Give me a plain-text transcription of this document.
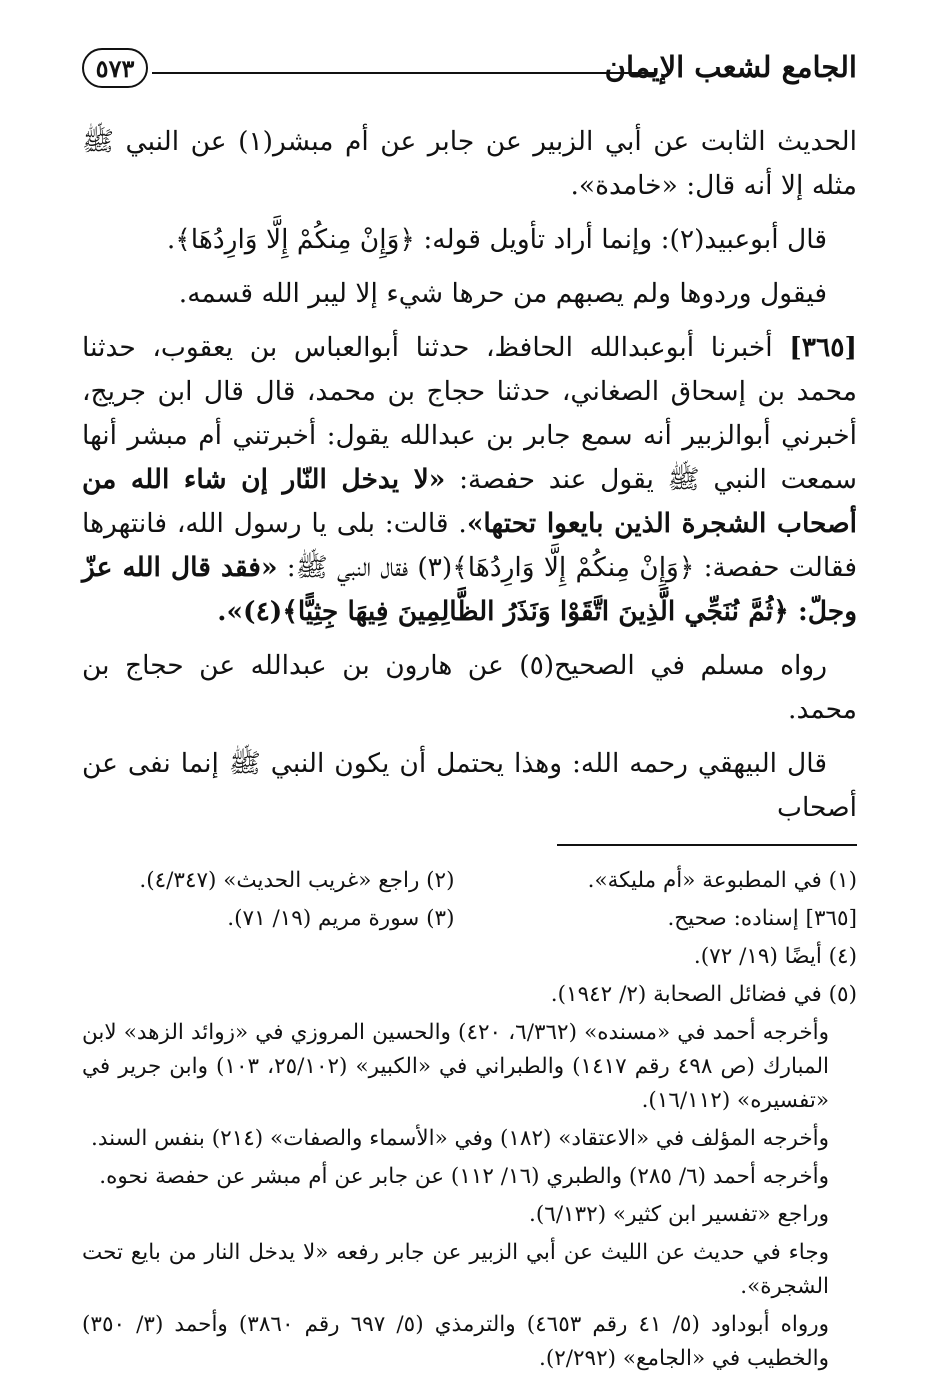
الجامع لشعب الإيمان
٥٧٣

الحديث الثابت عن أبي الزبير عن جابر عن أم مبشر(١) عن النبي ﷺ مثله إلا أنه قال: «خامدة».

قال أبوعبيد(٢): وإنما أراد تأويل قوله: ﴿وَإِنْ مِنكُمْ إِلَّا وَارِدُهَا﴾.

فيقول وردوها ولم يصبهم من حرها شيء إلا ليبر الله قسمه.

[٣٦٥] أخبرنا أبوعبدالله الحافظ، حدثنا أبوالعباس بن يعقوب، حدثنا محمد بن إسحاق الصغاني، حدثنا حجاج بن محمد، قال قال ابن جريج، أخبرني أبوالزبير أنه سمع جابر بن عبدالله يقول: أخبرتني أم مبشر أنها سمعت النبي ﷺ يقول عند حفصة: «لا يدخل النّار إن شاء الله من أصحاب الشجرة الذين بايعوا تحتها». قالت: بلى يا رسول الله، فانتهرها فقالت حفصة: ﴿وَإِنْ مِنكُمْ إِلَّا وَارِدُهَا﴾(٣) فقال النبي ﷺ: «فقد قال الله عزّ وجلّ: ﴿ثُمَّ نُنَجِّي الَّذِينَ اتَّقَوْا وَنَذَرُ الظَّالِمِينَ فِيهَا جِثِيًّا﴾(٤)».

رواه مسلم في الصحيح(٥) عن هارون بن عبدالله عن حجاج بن محمد.

قال البيهقي رحمه الله: وهذا يحتمل أن يكون النبي ﷺ إنما نفى عن أصحاب

(١) في المطبوعة «أم مليكة».

(٢) راجع «غريب الحديث» (٤/٣٤٧).

[٣٦٥] إسناده: صحيح.

(٣) سورة مريم (١٩/ ٧١).

(٤) أيضًا (١٩/ ٧٢).

(٥) في فضائل الصحابة (٢/ ١٩٤٢).

وأخرجه أحمد في «مسنده» (٦/٣٦٢، ٤٢٠) والحسين المروزي في «زوائد الزهد» لابن المبارك (ص ٤٩٨ رقم ١٤١٧) والطبراني في «الكبير» (٢٥/١٠٢، ١٠٣) وابن جرير في «تفسيره» (١٦/١١٢).

وأخرجه المؤلف في «الاعتقاد» (١٨٢) وفي «الأسماء والصفات» (٢١٤) بنفس السند.

وأخرجه أحمد (٦/ ٢٨٥) والطبري (١٦/ ١١٢) عن جابر عن أم مبشر عن حفصة نحوه.

وراجع «تفسير ابن كثير» (٦/١٣٢).

وجاء في حديث عن الليث عن أبي الزبير عن جابر رفعه «لا يدخل النار من بايع تحت الشجرة».

ورواه أبوداود (٥/ ٤١ رقم ٤٦٥٣) والترمذي (٥/ ٦٩٧ رقم ٣٨٦٠) وأحمد (٣/ ٣٥٠) والخطيب في «الجامع» (٢/٢٩٢).
